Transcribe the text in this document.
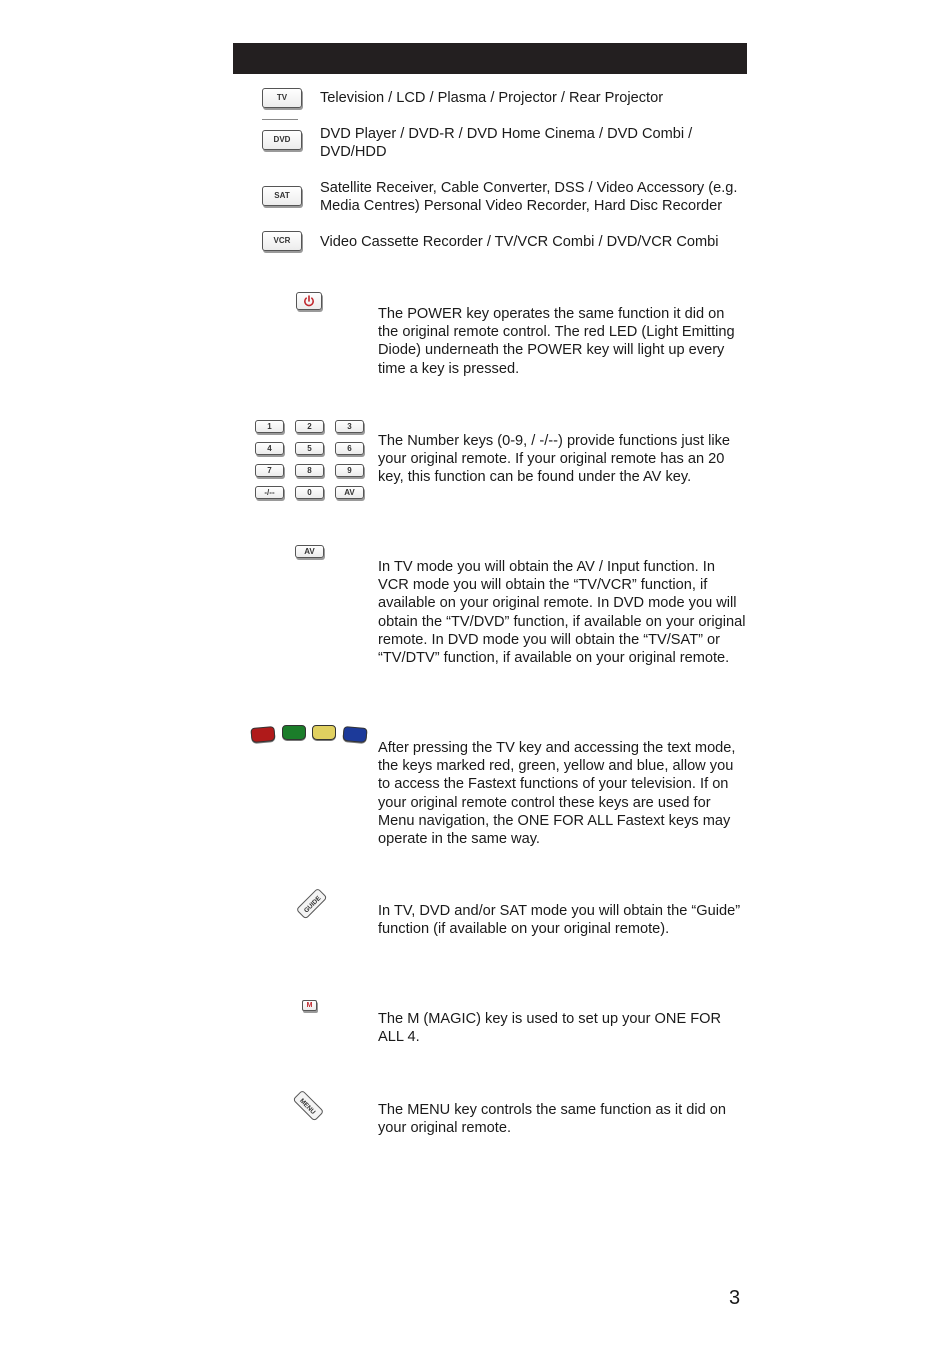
TV	Television / LCD / Plasma / Projector / Rear Projector
DVD	DVD Player / DVD-R / DVD Home Cinema / DVD Combi / DVD/HDD
SAT	Satellite Receiver, Cable Converter, DSS / Video Accessory (e.g. Media Centres) Personal Video Recorder, Hard Disc Recorder
VCR	Video Cassette Recorder / TV/VCR Combi / DVD/VCR Combi
The POWER key operates the same function it did on the original remote control. The red LED (Light Emitting Diode) underneath the POWER key will light up every time a key is pressed.
1	2	3
4	5	6
7	8	9
-/--	0	AV
The Number keys (0-9, / -/--) provide functions just like your original remote. If your original remote has an 20 key, this function can be found under the AV key.
AV
In TV mode you will obtain the AV / Input function. In VCR mode you will obtain the “TV/VCR” function, if available on your original remote. In DVD mode you will obtain the “TV/DVD” function, if available on your original remote. In DVD mode you will obtain the “TV/SAT” or “TV/DTV” function, if available on your original remote.
After pressing the TV key and accessing the text mode, the keys marked red, green, yellow and blue, allow you to access the Fastext functions of your television. If on your original remote control these keys are used for Menu navigation, the ONE FOR ALL Fastext keys may operate in the same way.
GUIDE	In TV, DVD and/or SAT mode you will obtain the “Guide” function (if available on your original remote).
M
The M (MAGIC) key is used to set up your ONE FOR ALL 4.
MENU	The MENU key controls the same function as it did on your original remote.
3
